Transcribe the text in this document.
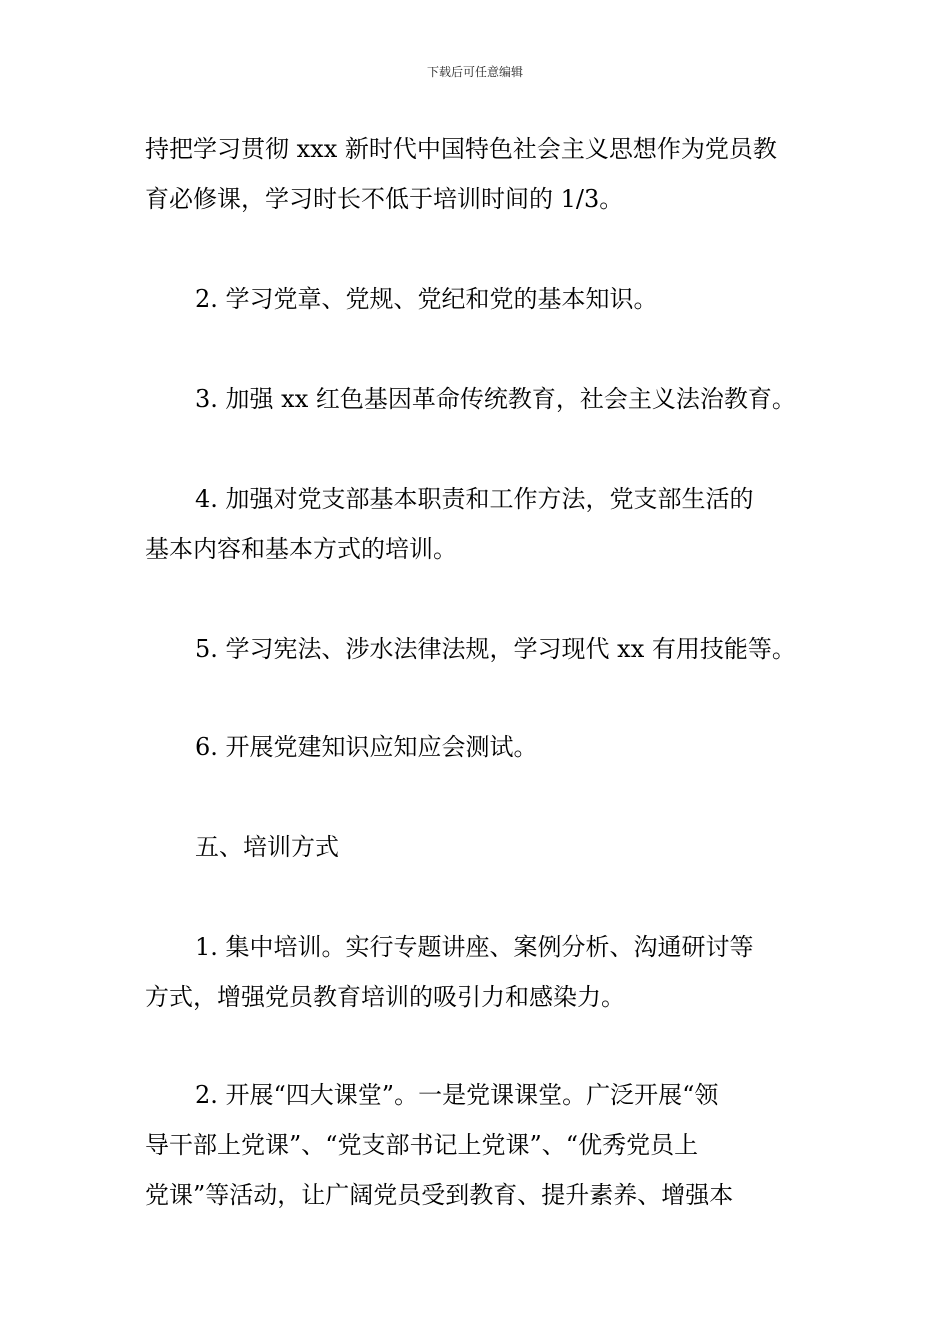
下载后可任意编辑
持把学习贯彻 xxx 新时代中国特色社会主义思想作为党员教
育必修课，学习时长不低于培训时间的 1/3。
2. 学习党章、党规、党纪和党的基本知识。
3. 加强 xx 红色基因革命传统教育，社会主义法治教育。
4. 加强对党支部基本职责和工作方法，党支部生活的
基本内容和基本方式的培训。
5. 学习宪法、涉水法律法规，学习现代 xx 有用技能等。
6. 开展党建知识应知应会测试。
五、培训方式
1. 集中培训。实行专题讲座、案例分析、沟通研讨等
方式，增强党员教育培训的吸引力和感染力。
2. 开展“四大课堂”。一是党课课堂。广泛开展“领
导干部上党课”、“党支部书记上党课”、“优秀党员上
党课”等活动，让广阔党员受到教育、提升素养、增强本
